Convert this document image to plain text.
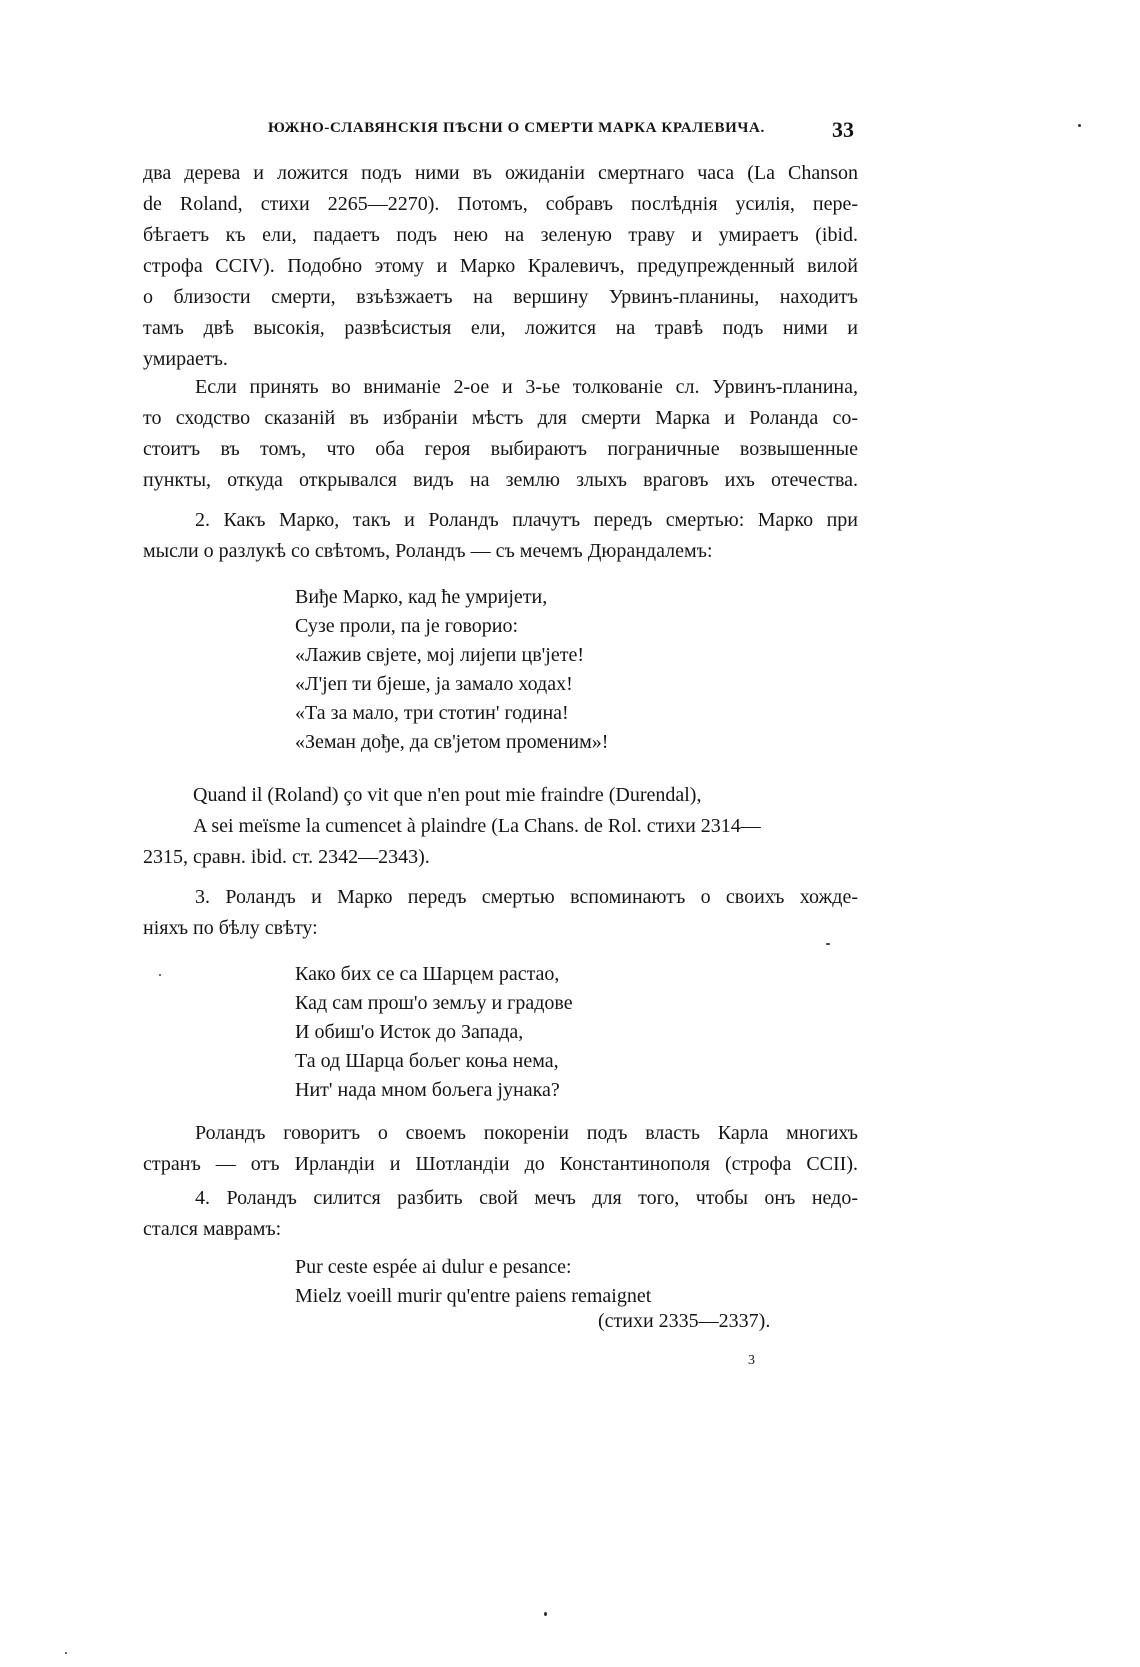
ЮЖНО-СЛАВЯНСКІЯ ПѢСНИ О СМЕРТИ МАРКА КРАЛЕВИЧА.	33
два дерева и ложится подъ ними въ ожиданіи смертнаго часа (La Chanson
de Roland, стихи 2265—2270). Потомъ, собравъ послѣднія усилія, пере-
бѣгаетъ къ ели, падаетъ подъ нею на зеленую траву и умираетъ (ibid.
строфа CCIV). Подобно этому и Марко Кралевичъ, предупрежденный вилой
о близости смерти, взъѣзжаетъ на вершину Урвинъ-планины, находитъ
тамъ двѣ высокія, развѣсистыя ели, ложится на травѣ подъ ними и
умираетъ.
Если принять во вниманіе 2-ое и 3-ье толкованіе сл. Урвинъ-планина,
то сходство сказаній въ избраніи мѣстъ для смерти Марка и Роланда со-
стоитъ въ томъ, что оба героя выбираютъ пограничные возвышенные
пункты, откуда открывался видъ на землю злыхъ враговъ ихъ отечества.
2. Какъ Марко, такъ и Роландъ плачутъ передъ смертью: Марко при
мысли о разлукѣ со свѣтомъ, Роландъ — съ мечемъ Дюрандалемъ:
Виђе Марко, кад ће умријети,
Сузе проли, па је говорио:
«Лажив свјете, мој лијепи цв'јете!
«Л'јеп ти бјеше, ја замало ходах!
«Та за мало, три стотин' година!
«Земан дође, да св'јетом променим»!
Quand il (Roland) ço vit que n'en pout mie fraindre (Durendal),
A sei meïsme la cumencet à plaindre (La Chans. de Rol. стихи 2314—
2315, сравн. ibid. ст. 2342—2343).
3. Роландъ и Марко передъ смертью вспоминаютъ о своихъ хожде-
ніяхъ по бѣлу свѣту:
Како бих се са Шарцем растао,
Кад сам прош'о земљу и градове
И обиш'о Исток до Запада,
Та од Шарца бољег коња нема,
Нит' нада мном бољега јунака?
Роландъ говоритъ о своемъ покореніи подъ власть Карла многихъ
странъ — отъ Ирландіи и Шотландіи до Константинополя (строфа CCII).
4. Роландъ силится разбить свой мечъ для того, чтобы онъ недо-
стался маврамъ:
Pur ceste espée ai dulur e pesance:
Mielz voeill murir qu'entre paiens remaignet
(стихи 2335—2337).
3
